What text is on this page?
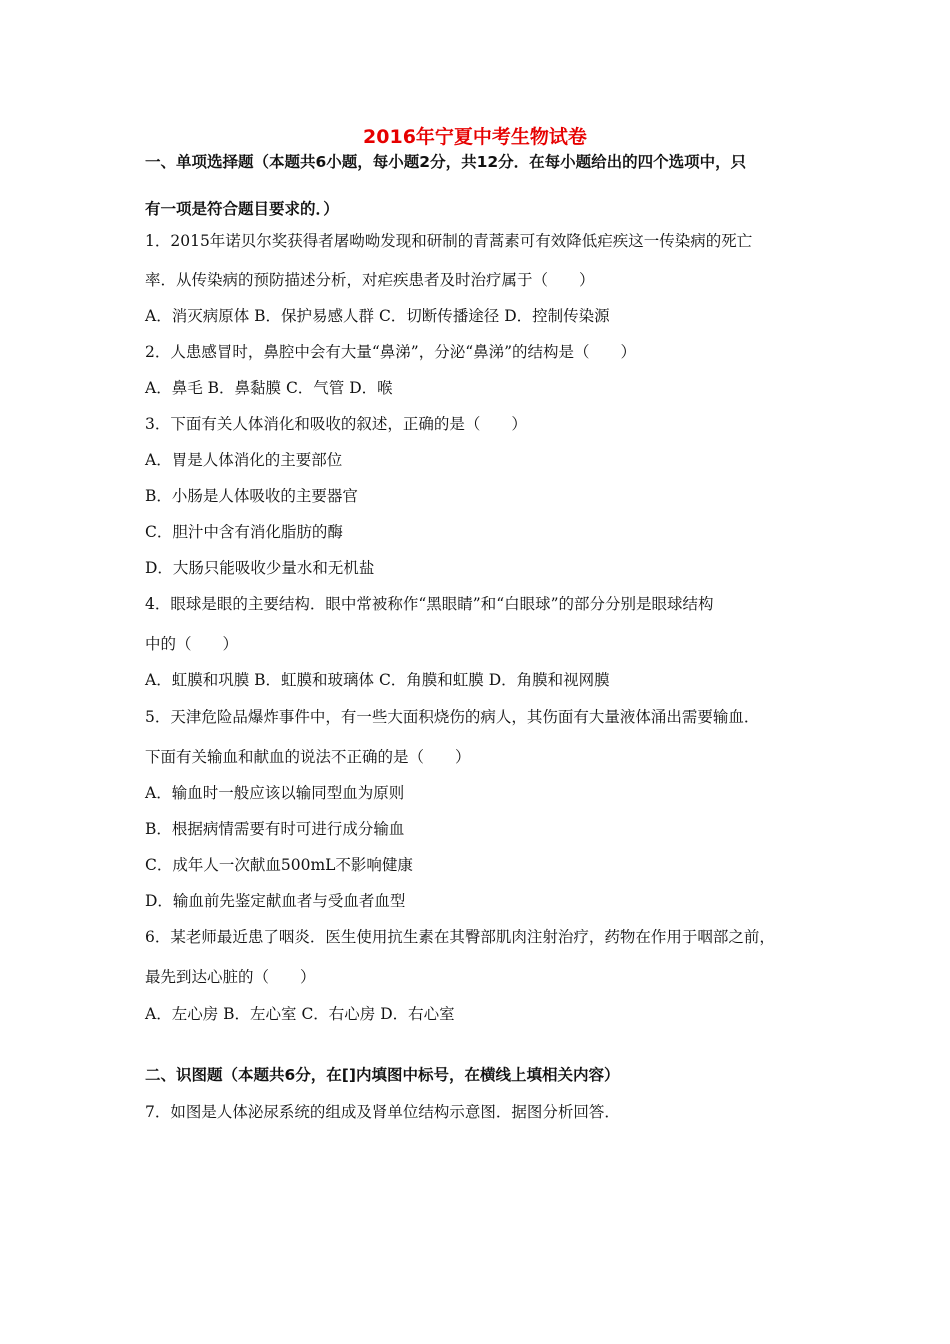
2016年宁夏中考生物试卷
一、单项选择题（本题共6小题，每小题2分，共12分．在每小题给出的四个选项中，只
有一项是符合题目要求的．）
1．2015年诺贝尔奖获得者屠呦呦发现和研制的青蒿素可有效降低疟疾这一传染病的死亡
率．从传染病的预防描述分析，对疟疾患者及时治疗属于（　　）
A．消灭病原体 B．保护易感人群 C．切断传播途径 D．控制传染源
2．人患感冒时，鼻腔中会有大量“鼻涕”，分泌“鼻涕”的结构是（　　）
A．鼻毛 B．鼻黏膜 C．气管 D．喉
3．下面有关人体消化和吸收的叙述，正确的是（　　）
A．胃是人体消化的主要部位
B．小肠是人体吸收的主要器官
C．胆汁中含有消化脂肪的酶
D．大肠只能吸收少量水和无机盐
4．眼球是眼的主要结构．眼中常被称作“黑眼睛”和“白眼球”的部分分别是眼球结构
中的（　　）
A．虹膜和巩膜 B．虹膜和玻璃体 C．角膜和虹膜 D．角膜和视网膜
5．天津危险品爆炸事件中，有一些大面积烧伤的病人，其伤面有大量液体涌出需要输血．
下面有关输血和献血的说法不正确的是（　　）
A．输血时一般应该以输同型血为原则
B．根据病情需要有时可进行成分输血
C．成年人一次献血500mL不影响健康
D．输血前先鉴定献血者与受血者血型
6．某老师最近患了咽炎．医生使用抗生素在其臀部肌肉注射治疗，药物在作用于咽部之前，
最先到达心脏的（　　）
A．左心房 B．左心室 C．右心房 D．右心室
二、识图题（本题共6分，在[]内填图中标号，在横线上填相关内容）
7．如图是人体泌尿系统的组成及肾单位结构示意图．据图分析回答．
